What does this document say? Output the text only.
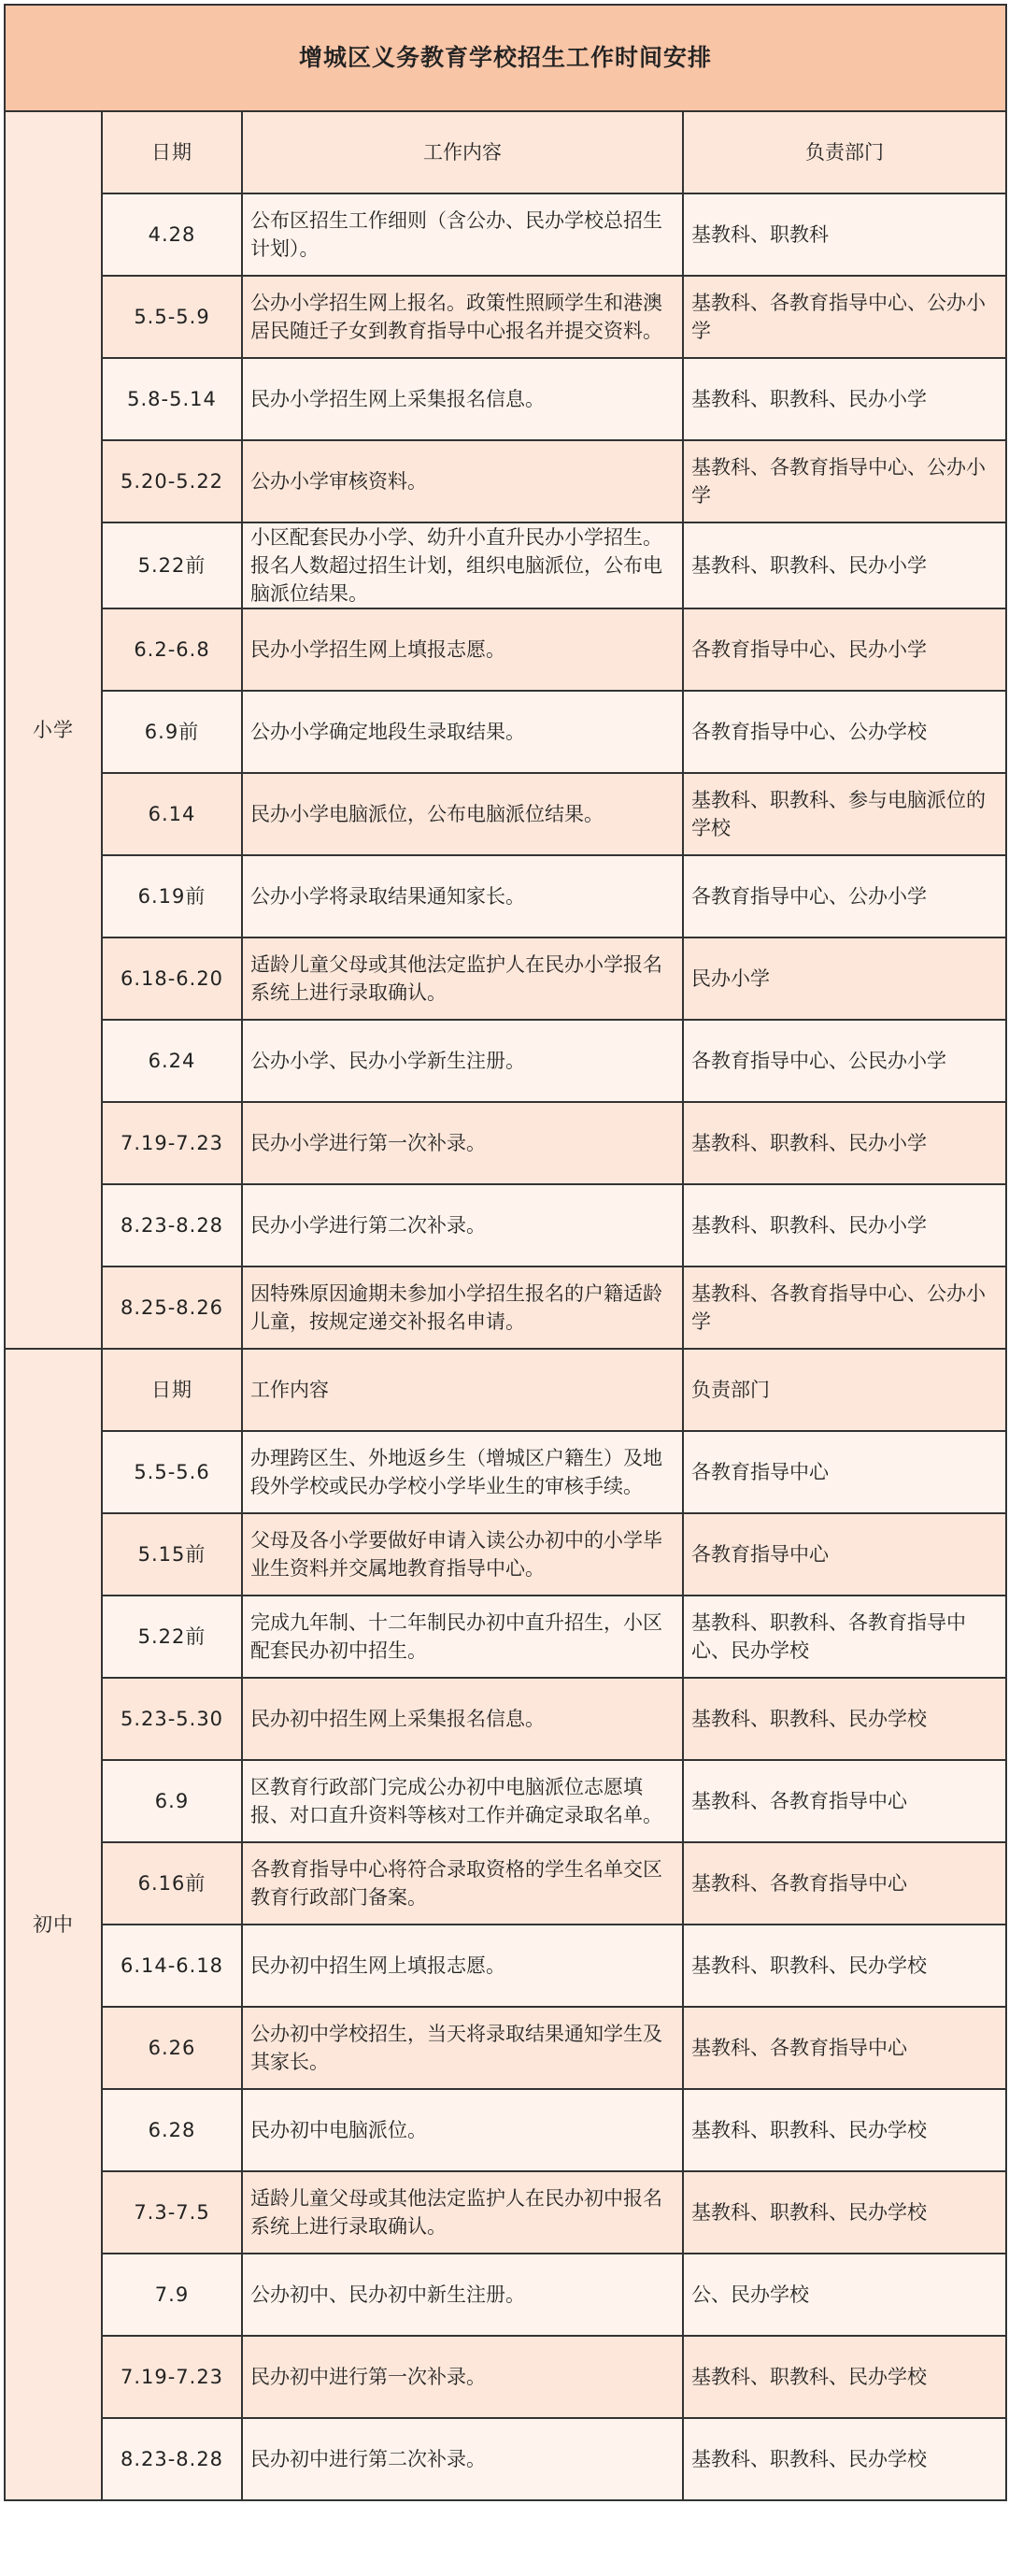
增城区义务教育学校招生工作时间安排			
小学	日期	工作内容	负责部门
	4.28	公布区招生工作细则（含公办、民办学校总招生计划）。	基教科、职教科
	5.5-5.9	公办小学招生网上报名。政策性照顾学生和港澳居民随迁子女到教育指导中心报名并提交资料。	基教科、各教育指导中心、公办小学
	5.8-5.14	民办小学招生网上采集报名信息。	基教科、职教科、民办小学
	5.20-5.22	公办小学审核资料。	基教科、各教育指导中心、公办小学
	5.22前	小区配套民办小学、幼升小直升民办小学招生。报名人数超过招生计划，组织电脑派位，公布电脑派位结果。	基教科、职教科、民办小学
	6.2-6.8	民办小学招生网上填报志愿。	各教育指导中心、民办小学
	6.9前	公办小学确定地段生录取结果。	各教育指导中心、公办学校
	6.14	民办小学电脑派位，公布电脑派位结果。	基教科、职教科、参与电脑派位的学校
	6.19前	公办小学将录取结果通知家长。	各教育指导中心、公办小学
	6.18-6.20	适龄儿童父母或其他法定监护人在民办小学报名系统上进行录取确认。	民办小学
	6.24	公办小学、民办小学新生注册。	各教育指导中心、公民办小学
	7.19-7.23	民办小学进行第一次补录。	基教科、职教科、民办小学
	8.23-8.28	民办小学进行第二次补录。	基教科、职教科、民办小学
	8.25-8.26	因特殊原因逾期未参加小学招生报名的户籍适龄儿童，按规定递交补报名申请。	基教科、各教育指导中心、公办小学
初中	日期	工作内容	负责部门
	5.5-5.6	办理跨区生、外地返乡生（增城区户籍生）及地段外学校或民办学校小学毕业生的审核手续。	各教育指导中心
	5.15前	父母及各小学要做好申请入读公办初中的小学毕业生资料并交属地教育指导中心。	各教育指导中心
	5.22前	完成九年制、十二年制民办初中直升招生，小区配套民办初中招生。	基教科、职教科、各教育指导中心、民办学校
	5.23-5.30	民办初中招生网上采集报名信息。	基教科、职教科、民办学校
	6.9	区教育行政部门完成公办初中电脑派位志愿填报、对口直升资料等核对工作并确定录取名单。	基教科、各教育指导中心
	6.16前	各教育指导中心将符合录取资格的学生名单交区教育行政部门备案。	基教科、各教育指导中心
	6.14-6.18	民办初中招生网上填报志愿。	基教科、职教科、民办学校
	6.26	公办初中学校招生，当天将录取结果通知学生及其家长。	基教科、各教育指导中心
	6.28	民办初中电脑派位。	基教科、职教科、民办学校
	7.3-7.5	适龄儿童父母或其他法定监护人在民办初中报名系统上进行录取确认。	基教科、职教科、民办学校
	7.9	公办初中、民办初中新生注册。	公、民办学校
	7.19-7.23	民办初中进行第一次补录。	基教科、职教科、民办学校
	8.23-8.28	民办初中进行第二次补录。	基教科、职教科、民办学校
